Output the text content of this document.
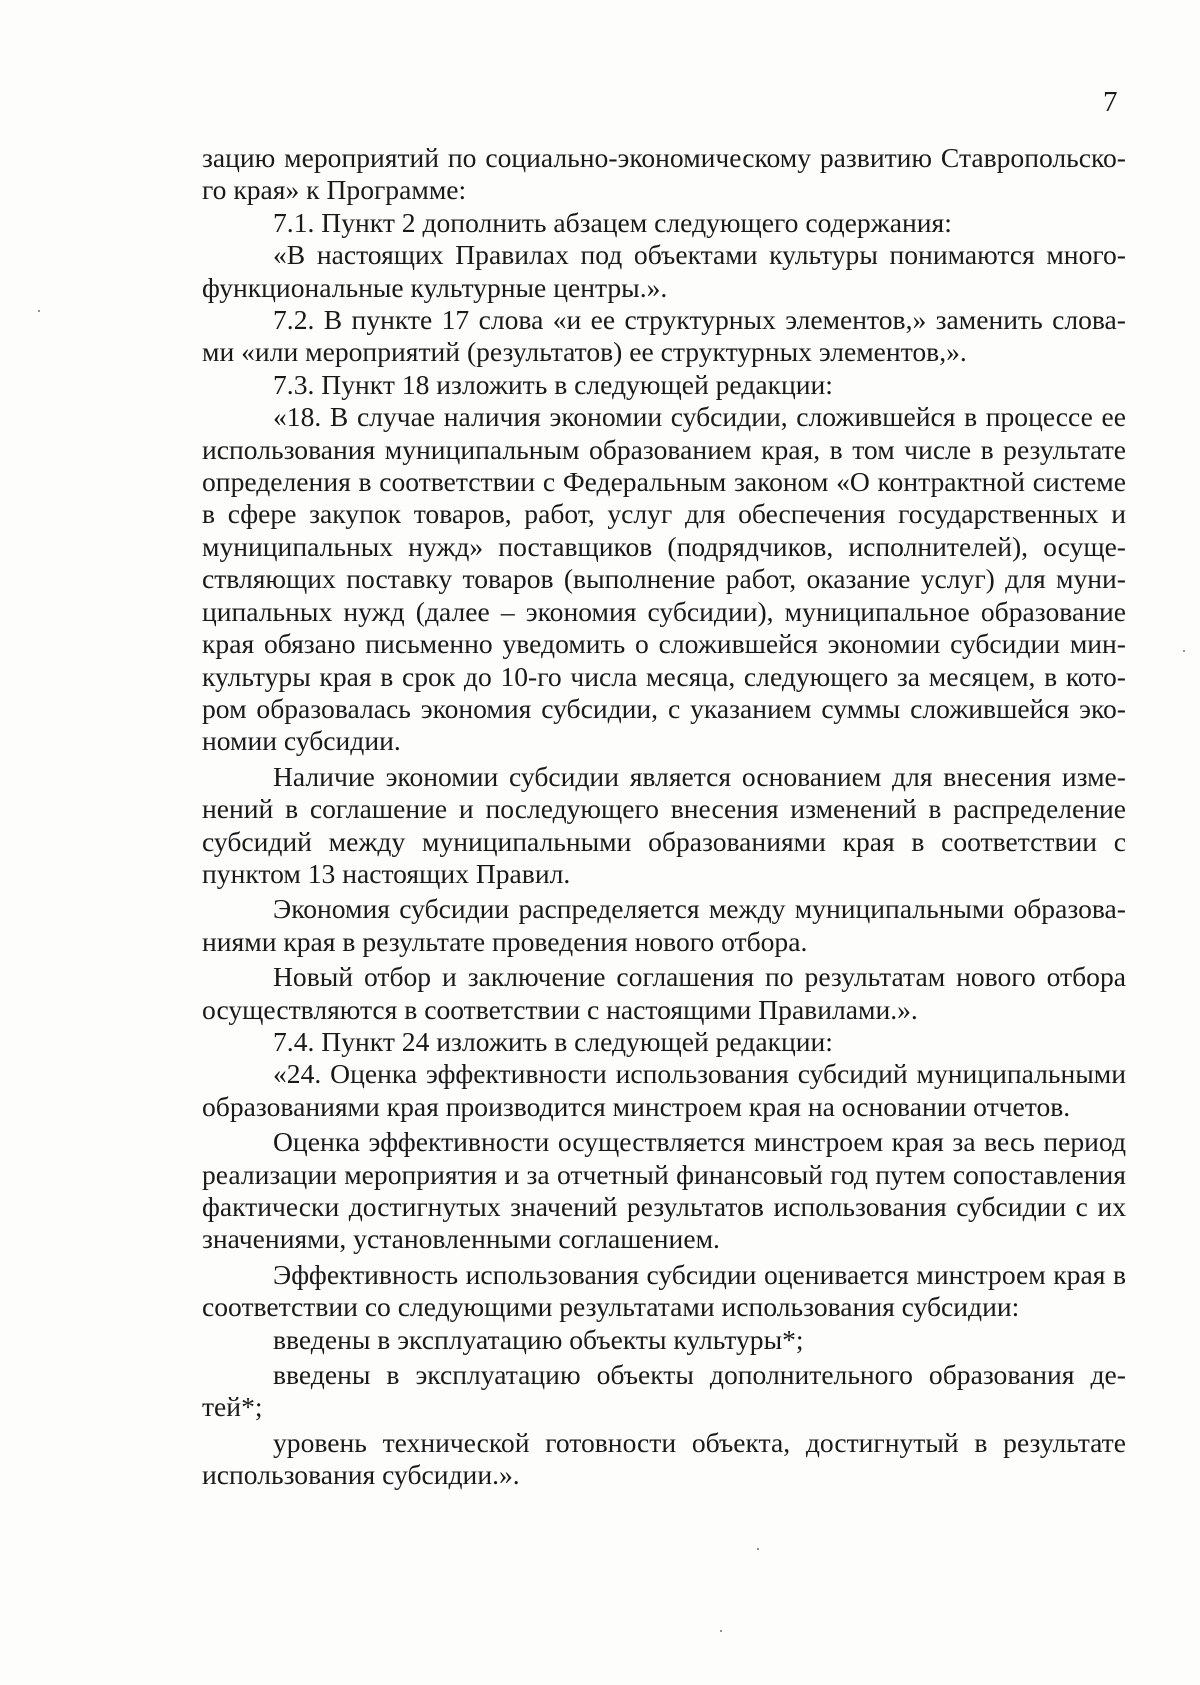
7

зацию мероприятий по социально-экономическому развитию Ставропольско-го края» к Программе:

7.1. Пункт 2 дополнить абзацем следующего содержания:

«В настоящих Правилах под объектами культуры понимаются много-функциональные культурные центры.».

7.2. В пункте 17 слова «и ее структурных элементов,» заменить слова-ми «или мероприятий (результатов) ее структурных элементов,».

7.3. Пункт 18 изложить в следующей редакции:

«18. В случае наличия экономии субсидии, сложившейся в процессе ее использования муниципальным образованием края, в том числе в результате определения в соответствии с Федеральным законом «О контрактной системе в сфере закупок товаров, работ, услуг для обеспечения государственных и муниципальных нужд» поставщиков (подрядчиков, исполнителей), осуще-ствляющих поставку товаров (выполнение работ, оказание услуг) для муни-ципальных нужд (далее – экономия субсидии), муниципальное образование края обязано письменно уведомить о сложившейся экономии субсидии мин-культуры края в срок до 10-го числа месяца, следующего за месяцем, в кото-ром образовалась экономия субсидии, с указанием суммы сложившейся эко-номии субсидии.

Наличие экономии субсидии является основанием для внесения изме-нений в соглашение и последующего внесения изменений в распределение субсидий между муниципальными образованиями края в соответствии с пунктом 13 настоящих Правил.

Экономия субсидии распределяется между муниципальными образова-ниями края в результате проведения нового отбора.

Новый отбор и заключение соглашения по результатам нового отбора осуществляются в соответствии с настоящими Правилами.».

7.4. Пункт 24 изложить в следующей редакции:

«24. Оценка эффективности использования субсидий муниципальными образованиями края производится минстроем края на основании отчетов.

Оценка эффективности осуществляется минстроем края за весь период реализации мероприятия и за отчетный финансовый год путем сопоставления фактически достигнутых значений результатов использования субсидии с их значениями, установленными соглашением.

Эффективность использования субсидии оценивается минстроем края в соответствии со следующими результатами использования субсидии:

введены в эксплуатацию объекты культуры*;

введены в эксплуатацию объекты дополнительного образования де-тей*;

уровень технической готовности объекта, достигнутый в результате использования субсидии.».
